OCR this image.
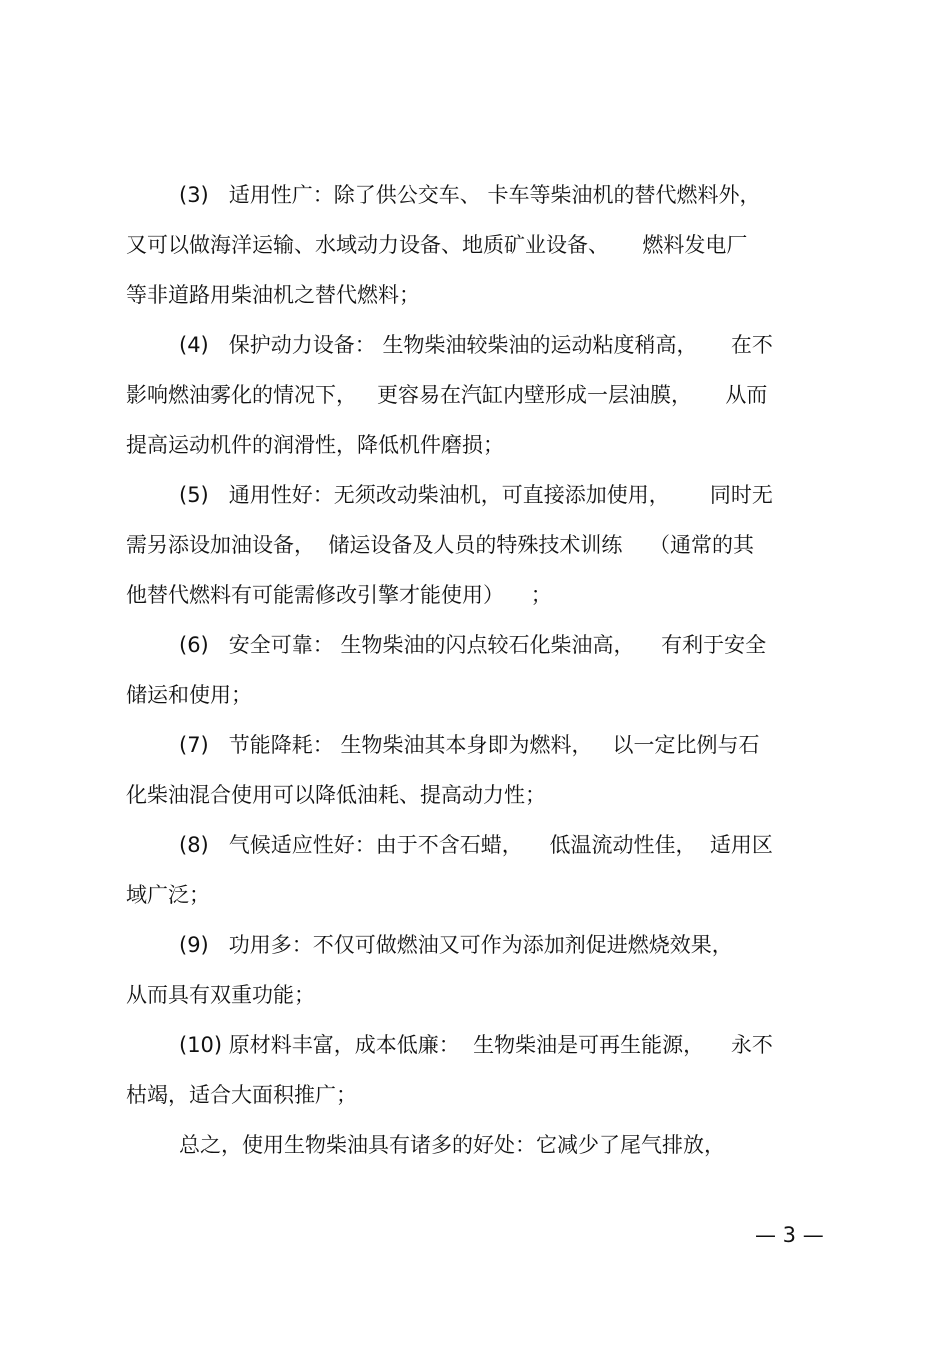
(3)   适用性广：除了供公交车、 卡车等柴油机的替代燃料外，
又可以做海洋运输、水域动力设备、地质矿业设备、     燃料发电厂
等非道路用柴油机之替代燃料；
(4)   保护动力设备： 生物柴油较柴油的运动粘度稍高，     在不
影响燃油雾化的情况下，   更容易在汽缸内壁形成一层油膜，     从而
提高运动机件的润滑性，降低机件磨损；
(5)   通用性好：无须改动柴油机，可直接添加使用，      同时无
需另添设加油设备，  储运设备及人员的特殊技术训练    （通常的其
他替代燃料有可能需修改引擎才能使用）    ；
(6)   安全可靠： 生物柴油的闪点较石化柴油高，    有利于安全
储运和使用；
(7)   节能降耗： 生物柴油其本身即为燃料，   以一定比例与石
化柴油混合使用可以降低油耗、提高动力性；
(8)   气候适应性好：由于不含石蜡，    低温流动性佳，  适用区
域广泛；
(9)   功用多：不仅可做燃油又可作为添加剂促进燃烧效果，
从而具有双重功能；
(10) 原材料丰富，成本低廉：  生物柴油是可再生能源，    永不
枯竭，适合大面积推广；
总之，使用生物柴油具有诸多的好处：它减少了尾气排放，
— 3 —
